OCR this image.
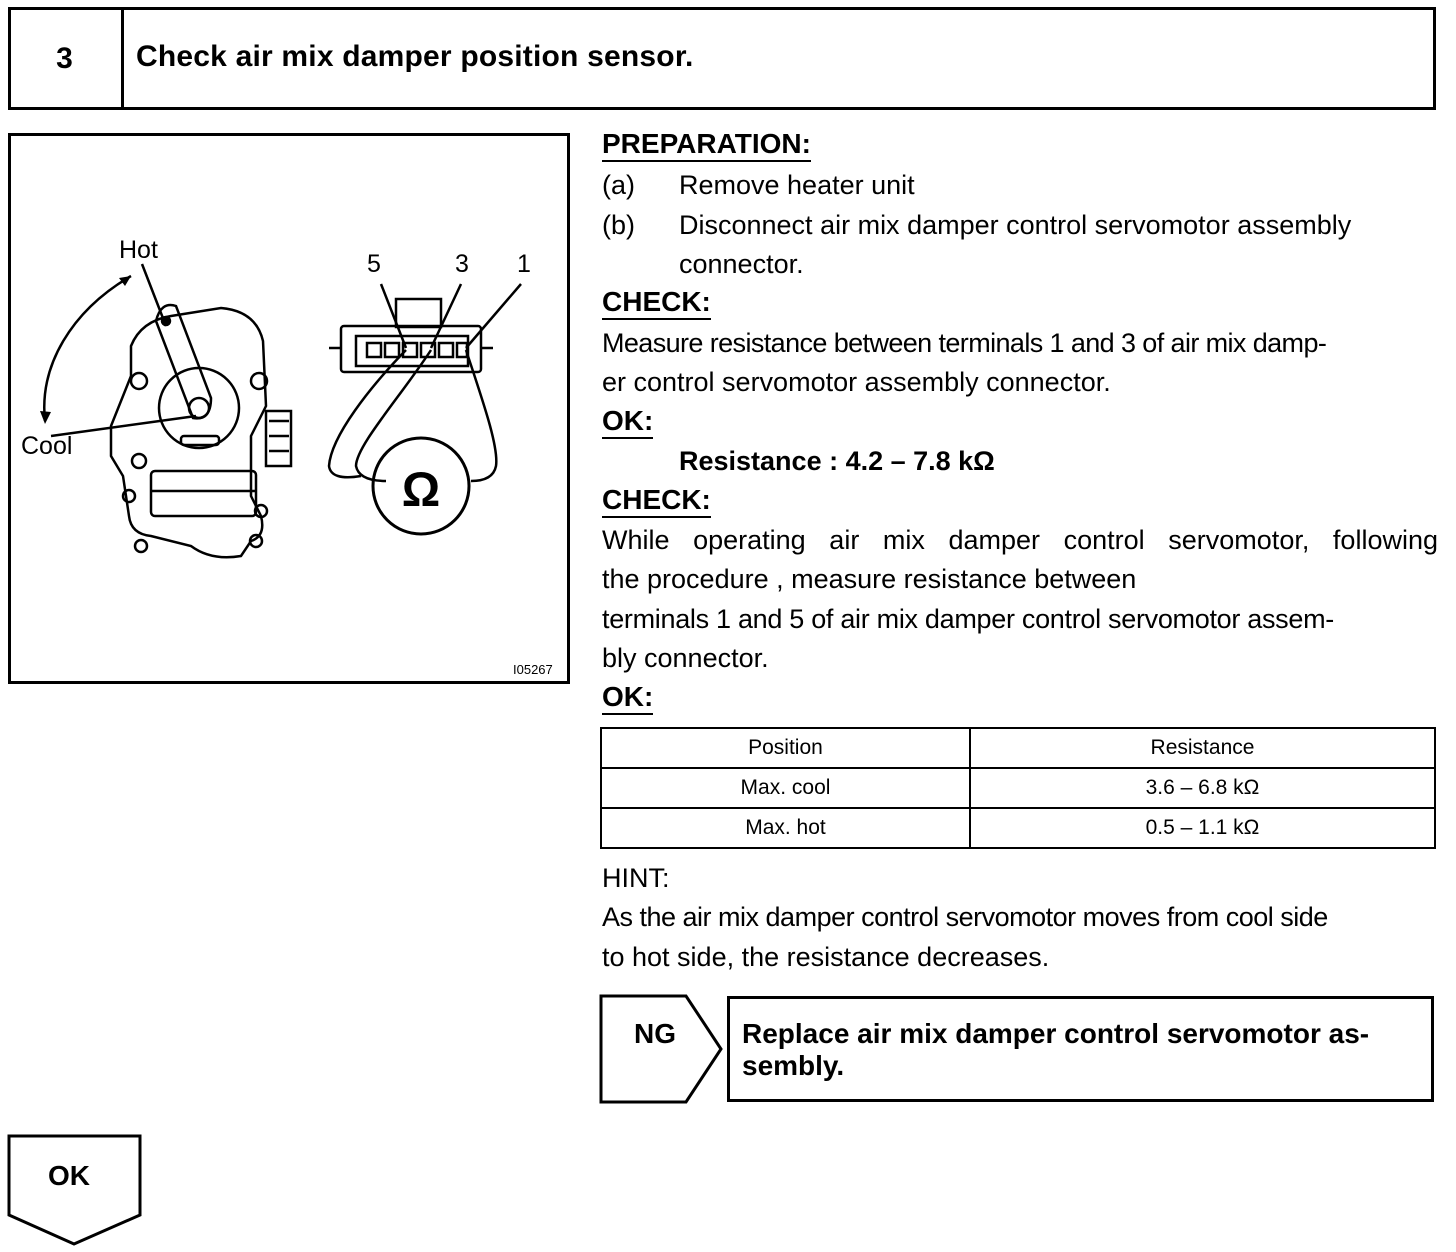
3	Check air mix damper position sensor.
Ω
Hot
Cool
5	3 1
I05267
PREPARATION:
(a) Remove heater unit
(b) Disconnect air mix damper control servomotor assembly
connector.
CHECK:
Measure resistance between terminals 1 and 3 of air mix damp-
er control servomotor assembly connector.
OK:
Resistance : 4.2 – 7.8 kΩ
CHECK:
While operating air mix damper control servomotor, following
the procedure , measure resistance between
terminals 1 and 5 of air mix damper control servomotor assem-
bly connector.
OK:
Position	Resistance
Max. cool	3.6 – 6.8 kΩ
Max. hot	0.5 – 1.1 kΩ
HINT:
As the air mix damper control servomotor moves from cool side
to hot side, the resistance decreases.
NG Replace air mix damper control servomotor as-sembly.
OK
